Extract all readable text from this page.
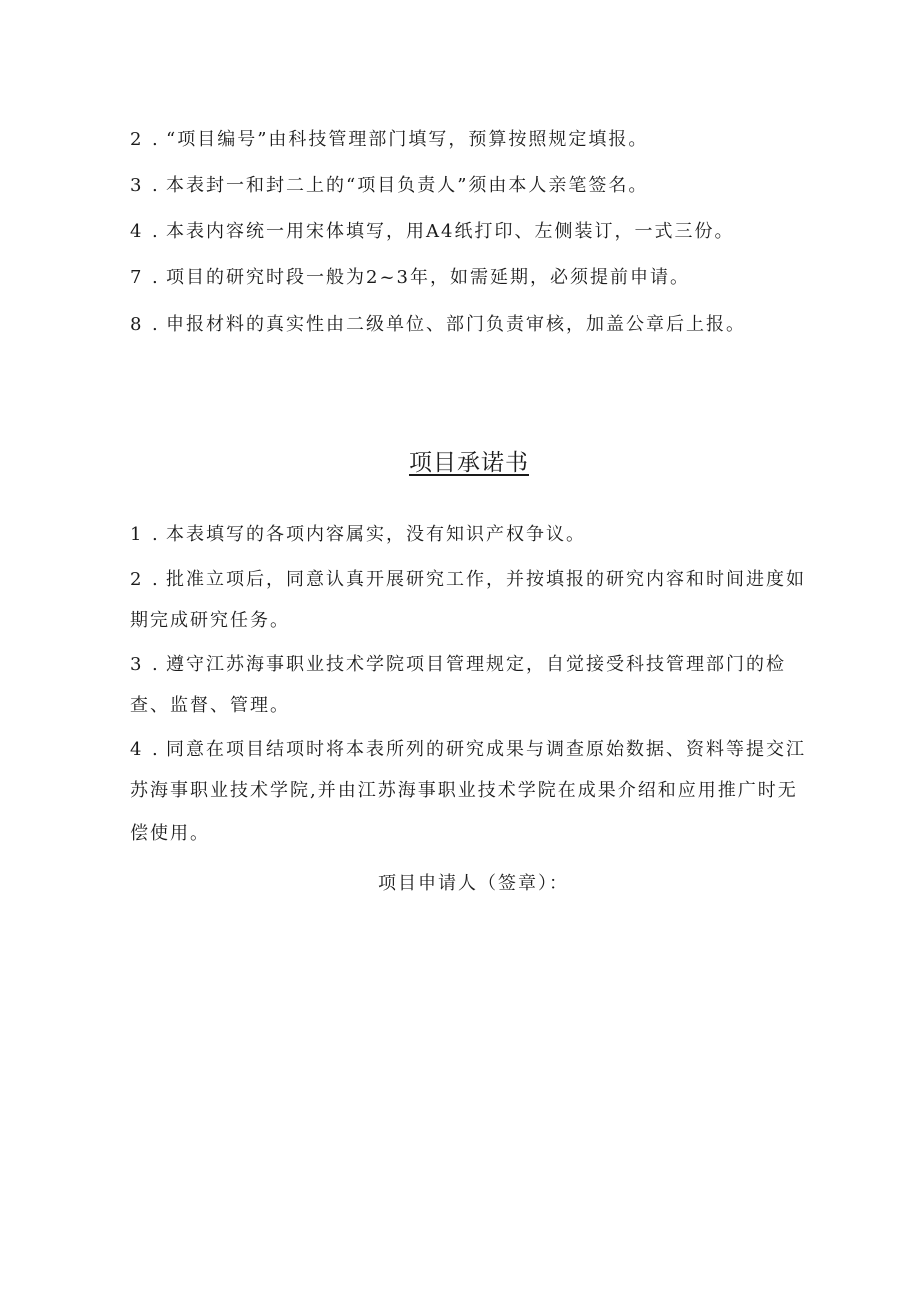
2 . “项目编号”由科技管理部门填写，预算按照规定填报。
3 . 本表封一和封二上的“项目负责人”须由本人亲笔签名。
4 . 本表内容统一用宋体填写，用A4纸打印、左侧装订，一式三份。
7 . 项目的研究时段一般为2~3年，如需延期，必须提前申请。
8 . 申报材料的真实性由二级单位、部门负责审核，加盖公章后上报。
项目承诺书
1 . 本表填写的各项内容属实，没有知识产权争议。
2 . 批准立项后，同意认真开展研究工作，并按填报的研究内容和时间进度如
期完成研究任务。
3 . 遵守江苏海事职业技术学院项目管理规定，自觉接受科技管理部门的检
查、监督、管理。
4 . 同意在项目结项时将本表所列的研究成果与调查原始数据、资料等提交江
苏海事职业技术学院,并由江苏海事职业技术学院在成果介绍和应用推广时无
偿使用。
项目申请人（签章）：
